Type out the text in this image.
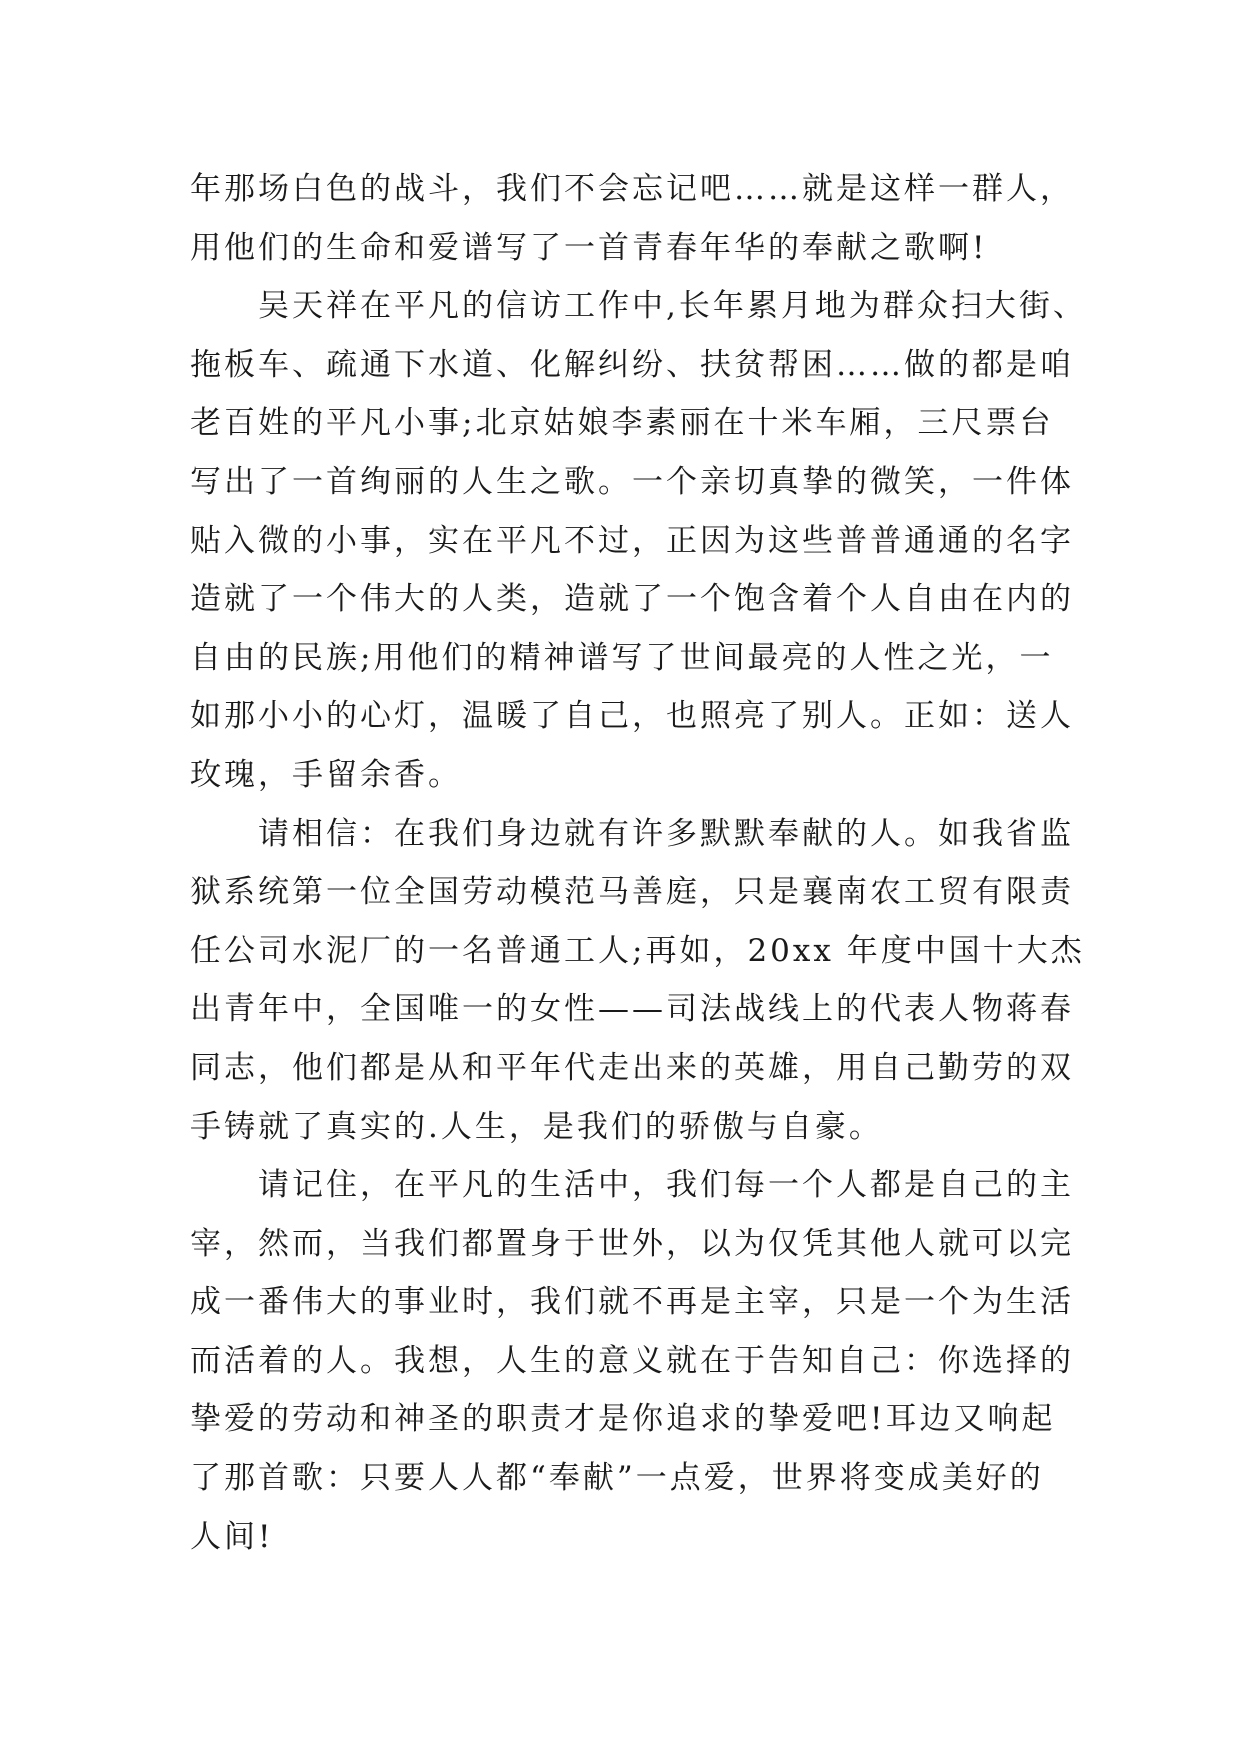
年那场白色的战斗，我们不会忘记吧……就是这样一群人，
用他们的生命和爱谱写了一首青春年华的奉献之歌啊!
　　吴天祥在平凡的信访工作中,长年累月地为群众扫大街、
拖板车、疏通下水道、化解纠纷、扶贫帮困……做的都是咱
老百姓的平凡小事;北京姑娘李素丽在十米车厢，三尺票台
写出了一首绚丽的人生之歌。一个亲切真挚的微笑，一件体
贴入微的小事，实在平凡不过，正因为这些普普通通的名字
造就了一个伟大的人类，造就了一个饱含着个人自由在内的
自由的民族;用他们的精神谱写了世间最亮的人性之光，一
如那小小的心灯，温暖了自己，也照亮了别人。正如：送人
玫瑰，手留余香。
　　请相信：在我们身边就有许多默默奉献的人。如我省监
狱系统第一位全国劳动模范马善庭，只是襄南农工贸有限责
任公司水泥厂的一名普通工人;再如，20xx 年度中国十大杰
出青年中，全国唯一的女性——司法战线上的代表人物蒋春
同志，他们都是从和平年代走出来的英雄，用自己勤劳的双
手铸就了真实的.人生，是我们的骄傲与自豪。
　　请记住，在平凡的生活中，我们每一个人都是自己的主
宰，然而，当我们都置身于世外，以为仅凭其他人就可以完
成一番伟大的事业时，我们就不再是主宰，只是一个为生活
而活着的人。我想，人生的意义就在于告知自己：你选择的
挚爱的劳动和神圣的职责才是你追求的挚爱吧!耳边又响起
了那首歌：只要人人都“奉献”一点爱，世界将变成美好的
人间!
